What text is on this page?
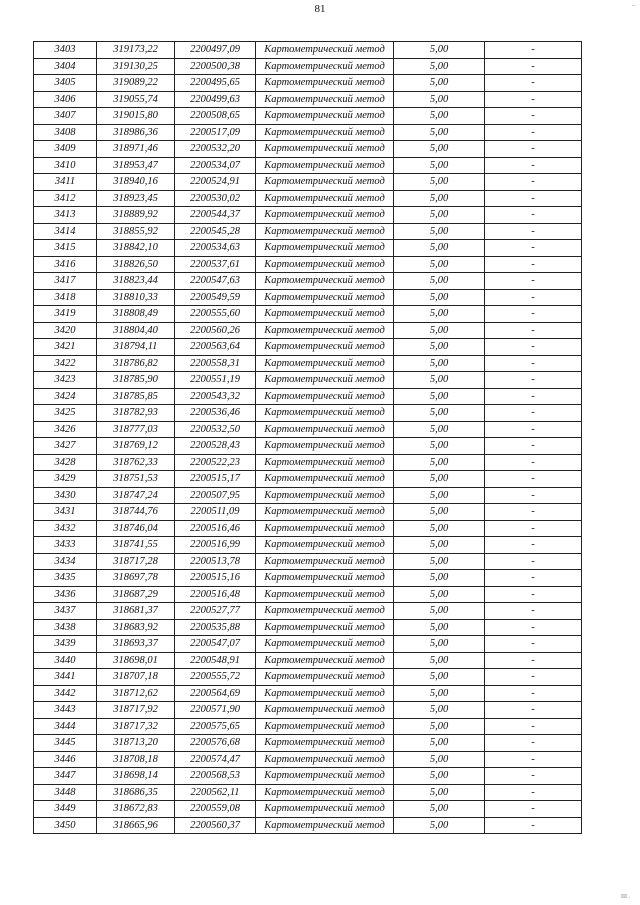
81	...
3403	319173,22	2200497,09	Картометрический метод	5,00	-
3404	319130,25	2200500,38	Картометрический метод	5,00	-
3405	319089,22	2200495,65	Картометрический метод	5,00	-
3406	319055,74	2200499,63	Картометрический метод	5,00	-
3407	319015,80	2200508,65	Картометрический метод	5,00	-
3408	318986,36	2200517,09	Картометрический метод	5,00	-
3409	318971,46	2200532,20	Картометрический метод	5,00	-
3410	318953,47	2200534,07	Картометрический метод	5,00	-
3411	318940,16	2200524,91	Картометрический метод	5,00	-
3412	318923,45	2200530,02	Картометрический метод	5,00	-
3413	318889,92	2200544,37	Картометрический метод	5,00	-
3414	318855,92	2200545,28	Картометрический метод	5,00	-
3415	318842,10	2200534,63	Картометрический метод	5,00	-
3416	318826,50	2200537,61	Картометрический метод	5,00	-
3417	318823,44	2200547,63	Картометрический метод	5,00	-
3418	318810,33	2200549,59	Картометрический метод	5,00	-
3419	318808,49	2200555,60	Картометрический метод	5,00	-
3420	318804,40	2200560,26	Картометрический метод	5,00	-
3421	318794,11	2200563,64	Картометрический метод	5,00	-
3422	318786,82	2200558,31	Картометрический метод	5,00	-
3423	318785,90	2200551,19	Картометрический метод	5,00	-
3424	318785,85	2200543,32	Картометрический метод	5,00	-
3425	318782,93	2200536,46	Картометрический метод	5,00	-
3426	318777,03	2200532,50	Картометрический метод	5,00	-
3427	318769,12	2200528,43	Картометрический метод	5,00	-
3428	318762,33	2200522,23	Картометрический метод	5,00	-
3429	318751,53	2200515,17	Картометрический метод	5,00	-
3430	318747,24	2200507,95	Картометрический метод	5,00	-
3431	318744,76	2200511,09	Картометрический метод	5,00	-
3432	318746,04	2200516,46	Картометрический метод	5,00	-
3433	318741,55	2200516,99	Картометрический метод	5,00	-
3434	318717,28	2200513,78	Картометрический метод	5,00	-
3435	318697,78	2200515,16	Картометрический метод	5,00	-
3436	318687,29	2200516,48	Картометрический метод	5,00	-
3437	318681,37	2200527,77	Картометрический метод	5,00	-
3438	318683,92	2200535,88	Картометрический метод	5,00	-
3439	318693,37	2200547,07	Картометрический метод	5,00	-
3440	318698,01	2200548,91	Картометрический метод	5,00	-
3441	318707,18	2200555,72	Картометрический метод	5,00	-
3442	318712,62	2200564,69	Картометрический метод	5,00	-
3443	318717,92	2200571,90	Картометрический метод	5,00	-
3444	318717,32	2200575,65	Картометрический метод	5,00	-
3445	318713,20	2200576,68	Картометрический метод	5,00	-
3446	318708,18	2200574,47	Картометрический метод	5,00	-
3447	318698,14	2200568,53	Картометрический метод	5,00	-
3448	318686,35	2200562,11	Картометрический метод	5,00	-
3449	318672,83	2200559,08	Картометрический метод	5,00	-
3450	318665,96	2200560,37	Картометрический метод	5,00	-
III .
